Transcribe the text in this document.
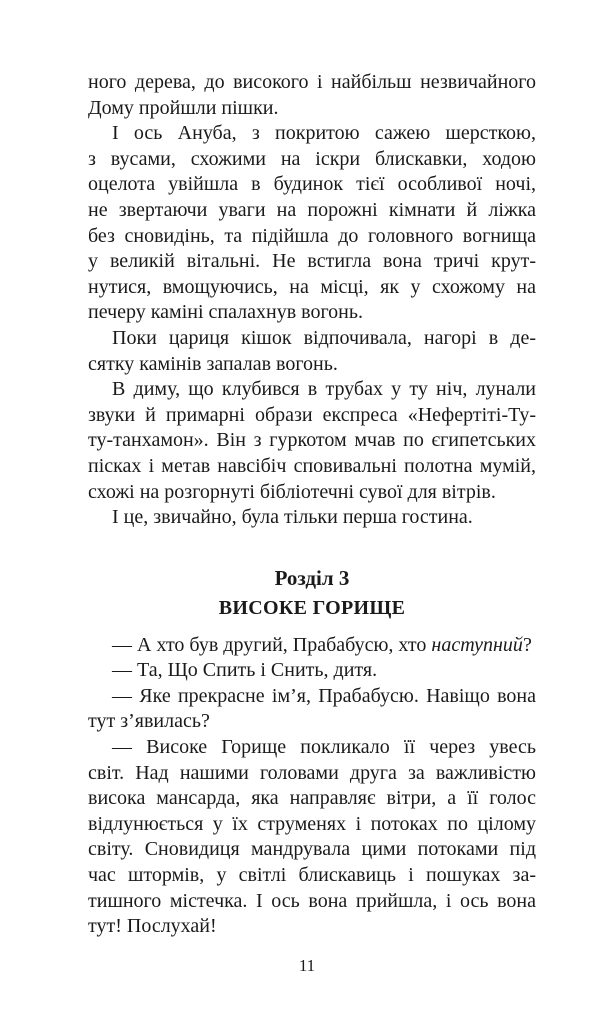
ного дерева, до високого і найбільш незвичайного
Дому пройшли пішки.
І ось Ануба, з покритою сажею шерсткою,
з вусами, схожими на іскри блискавки, ходою
оцелота увійшла в будинок тієї особливої ночі,
не звертаючи уваги на порожні кімнати й ліжка
без сновидінь, та підійшла до головного вогнища
у великій вітальні. Не встигла вона тричі крут-
нутися, вмощуючись, на місці, як у схожому на
печеру каміні спалахнув вогонь.
Поки цариця кішок відпочивала, нагорі в де-
сятку камінів запалав вогонь.
В диму, що клубився в трубах у ту ніч, лунали
звуки й примарні образи експреса «Нефертіті-Ту-
ту-танхамон». Він з гуркотом мчав по єгипетських
пісках і метав навсібіч сповивальні полотна мумій,
схожі на розгорнуті бібліотечні сувої для вітрів.
І це, звичайно, була тільки перша гостина.
Розділ 3
ВИСОКЕ ГОРИЩЕ
— А хто був другий, Прабабусю, хто наступний?
— Та, Що Спить і Снить, дитя.
— Яке прекрасне ім’я, Прабабусю. Навіщо вона
тут з’явилась?
— Високе Горище покликало її через увесь
світ. Над нашими головами друга за важливістю
висока мансарда, яка направляє вітри, а її голос
відлунюється у їх струменях і потоках по цілому
світу. Сновидиця мандрувала цими потоками під
час штормів, у світлі блискавиць і пошуках за-
тишного містечка. І ось вона прийшла, і ось вона
тут! Послухай!
11
